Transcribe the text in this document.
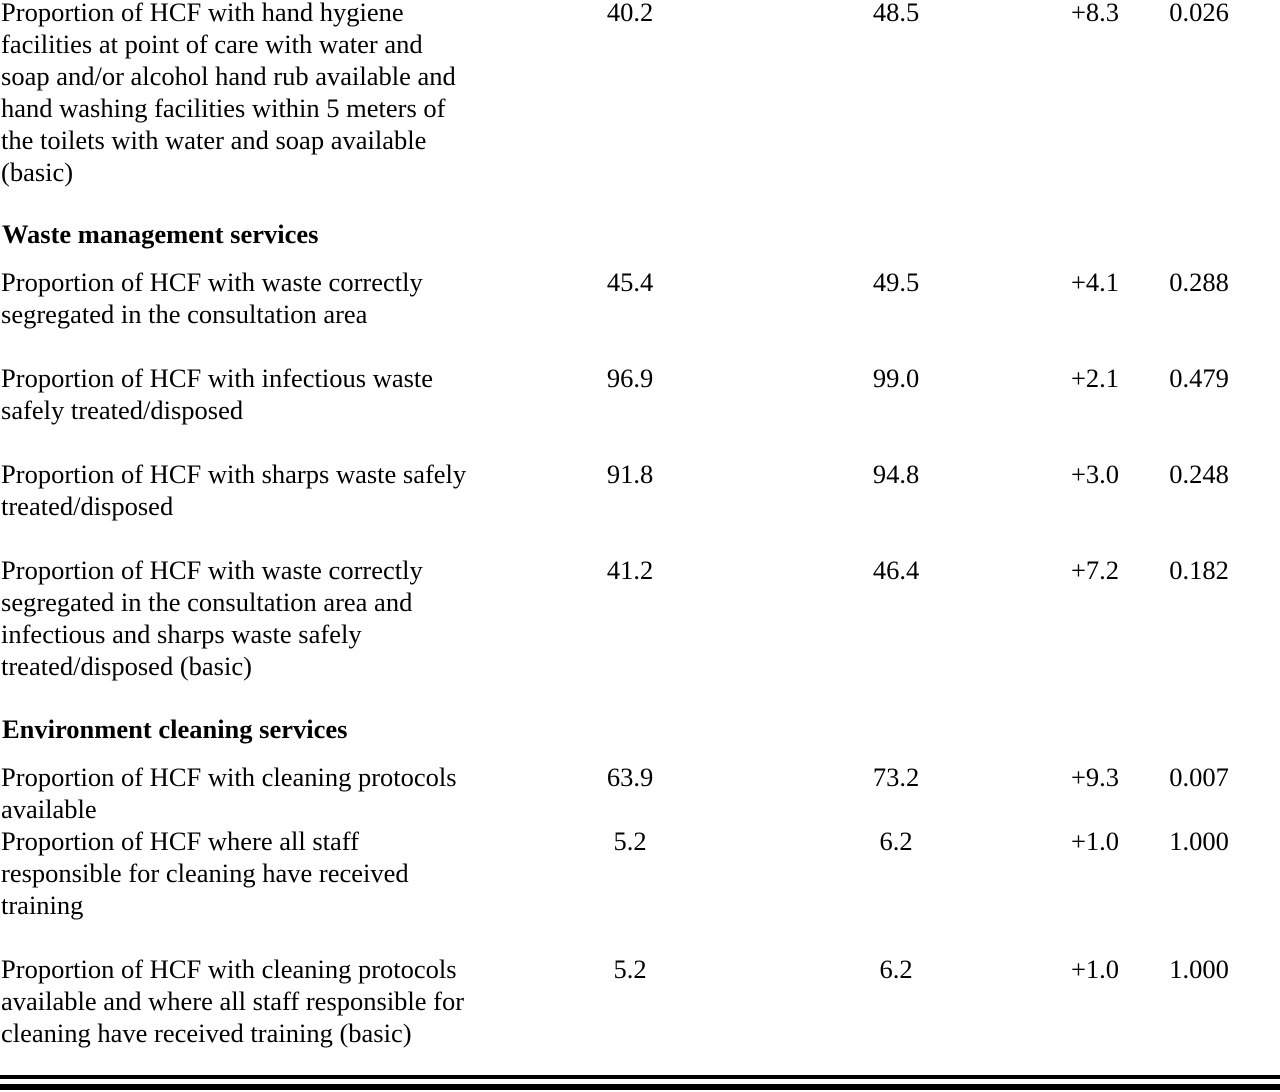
Proportion of HCF with hand hygiene
facilities at point of care with water and
soap and/or alcohol hand rub available and
hand washing facilities within 5 meters of
the toilets with water and soap available
(basic)
40.2	48.5	+8.3	0.026
Waste management services
Proportion of HCF with waste correctly
segregated in the consultation area
45.4	49.5	+4.1	0.288
Proportion of HCF with infectious waste
safely treated/disposed
96.9	99.0	+2.1	0.479
Proportion of HCF with sharps waste safely
treated/disposed
91.8	94.8	+3.0	0.248
Proportion of HCF with waste correctly
segregated in the consultation area and
infectious and sharps waste safely
treated/disposed (basic)
41.2	46.4	+7.2	0.182
Environment cleaning services
Proportion of HCF with cleaning protocols
available
63.9	73.2	+9.3	0.007
Proportion of HCF where all staff
responsible for cleaning have received
training
5.2	6.2	+1.0	1.000
Proportion of HCF with cleaning protocols
available and where all staff responsible for
cleaning have received training (basic)
5.2	6.2	+1.0	1.000
